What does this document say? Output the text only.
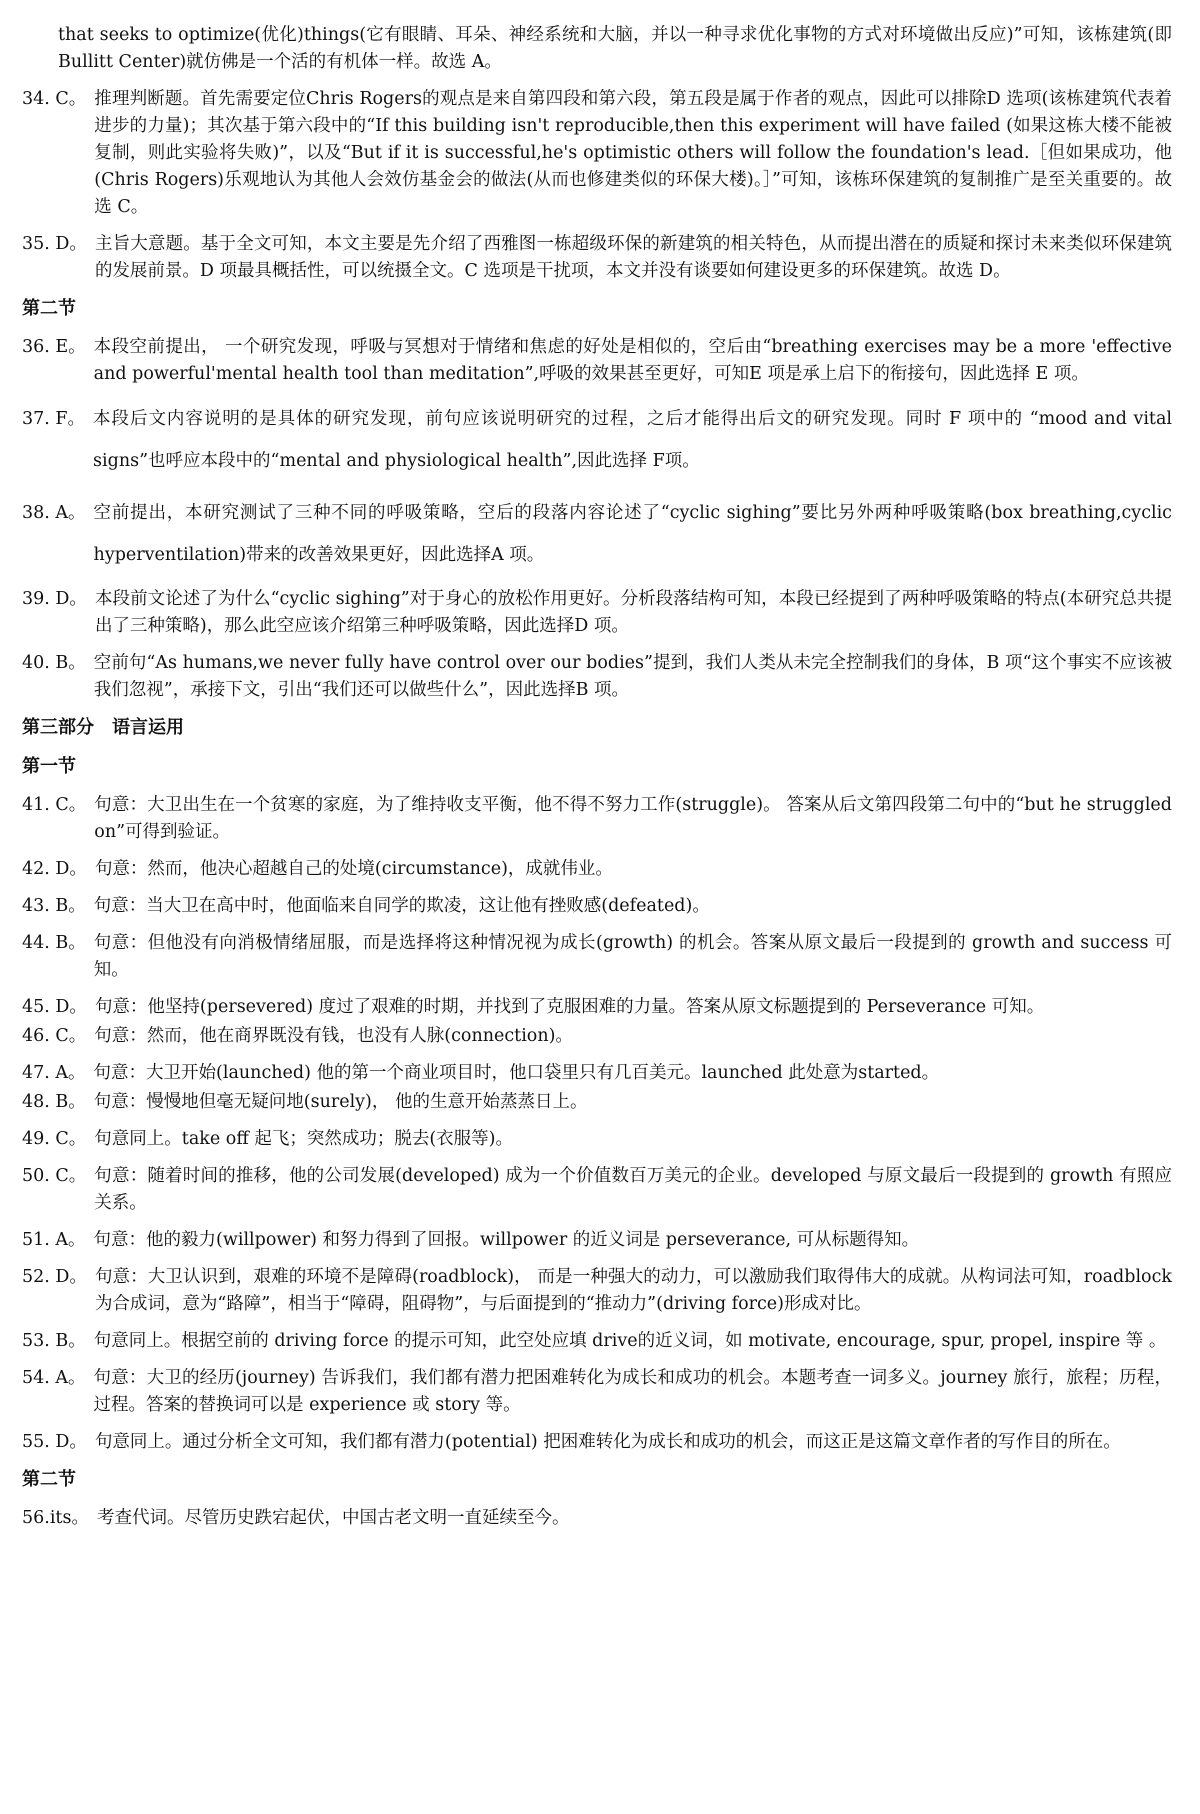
that seeks to optimize(优化)things(它有眼睛、耳朵、神经系统和大脑，并以一种寻求优化事物的方式对环境做出反应)”可知，该栋建筑(即 Bullitt Center)就仿佛是一个活的有机体一样。故选 A。
34. C。 推理判断题。首先需要定位Chris Rogers的观点是来自第四段和第六段，第五段是属于作者的观点，因此可以排除D 选项(该栋建筑代表着进步的力量)；其次基于第六段中的“If this building isn't reproducible,then this experiment will have failed (如果这栋大楼不能被复制，则此实验将失败)”，以及“But if it is successful,he's optimistic others will follow the foundation's lead.［但如果成功，他(Chris Rogers)乐观地认为其他人会效仿基金会的做法(从而也修建类似的环保大楼)。］”可知，该栋环保建筑的复制推广是至关重要的。故选 C。
35. D。 主旨大意题。基于全文可知，本文主要是先介绍了西雅图一栋超级环保的新建筑的相关特色，从而提出潜在的质疑和探讨未来类似环保建筑的发展前景。D 项最具概括性，可以统摄全文。C 选项是干扰项，本文并没有谈要如何建设更多的环保建筑。故选 D。
第二节
36. E。 本段空前提出， 一个研究发现，呼吸与冥想对于情绪和焦虑的好处是相似的，空后由“breathing exercises may be a more 'effective and powerful'mental health tool than meditation”,呼吸的效果甚至更好，可知E 项是承上启下的衔接句，因此选择 E 项。
37. F。 本段后文内容说明的是具体的研究发现，前句应该说明研究的过程，之后才能得出后文的研究发现。同时 F 项中的 “mood and vital signs”也呼应本段中的“mental and physiological health”,因此选择 F项。
38. A。 空前提出，本研究测试了三种不同的呼吸策略，空后的段落内容论述了“cyclic sighing”要比另外两种呼吸策略(box breathing,cyclic hyperventilation)带来的改善效果更好，因此选择A 项。
39. D。 本段前文论述了为什么“cyclic sighing”对于身心的放松作用更好。分析段落结构可知，本段已经提到了两种呼吸策略的特点(本研究总共提出了三种策略)，那么此空应该介绍第三种呼吸策略，因此选择D 项。
40. B。 空前句“As humans,we never fully have control over our bodies”提到，我们人类从未完全控制我们的身体，B 项“这个事实不应该被我们忽视”，承接下文，引出“我们还可以做些什么”，因此选择B 项。
第三部分　语言运用
第一节
41. C。 句意：大卫出生在一个贫寒的家庭，为了维持收支平衡，他不得不努力工作(struggle)。 答案从后文第四段第二句中的“but he struggled on”可得到验证。
42. D。 句意：然而，他决心超越自己的处境(circumstance)，成就伟业。
43. B。 句意：当大卫在高中时，他面临来自同学的欺凌，这让他有挫败感(defeated)。
44. B。 句意：但他没有向消极情绪屈服，而是选择将这种情况视为成长(growth) 的机会。答案从原文最后一段提到的 growth and success 可知。
45. D。 句意：他坚持(persevered) 度过了艰难的时期，并找到了克服困难的力量。答案从原文标题提到的 Perseverance 可知。
46. C。 句意：然而，他在商界既没有钱，也没有人脉(connection)。
47. A。 句意：大卫开始(launched) 他的第一个商业项目时，他口袋里只有几百美元。launched 此处意为started。
48. B。 句意：慢慢地但毫无疑问地(surely)， 他的生意开始蒸蒸日上。
49. C。 句意同上。take off 起飞；突然成功；脱去(衣服等)。
50. C。 句意：随着时间的推移，他的公司发展(developed) 成为一个价值数百万美元的企业。developed 与原文最后一段提到的 growth 有照应关系。
51. A。 句意：他的毅力(willpower) 和努力得到了回报。willpower 的近义词是 perseverance, 可从标题得知。
52. D。 句意：大卫认识到，艰难的环境不是障碍(roadblock)， 而是一种强大的动力，可以激励我们取得伟大的成就。从构词法可知，roadblock 为合成词，意为“路障”，相当于“障碍，阻碍物”，与后面提到的“推动力”(driving force)形成对比。
53. B。 句意同上。根据空前的 driving force 的提示可知，此空处应填 drive的近义词，如 motivate, encourage, spur, propel, inspire 等 。
54. A。 句意：大卫的经历(journey) 告诉我们，我们都有潜力把困难转化为成长和成功的机会。本题考查一词多义。journey 旅行，旅程；历程，过程。答案的替换词可以是 experience 或 story 等。
55. D。 句意同上。通过分析全文可知，我们都有潜力(potential) 把困难转化为成长和成功的机会，而这正是这篇文章作者的写作目的所在。
第二节
56.its。 考查代词。尽管历史跌宕起伏，中国古老文明一直延续至今。
